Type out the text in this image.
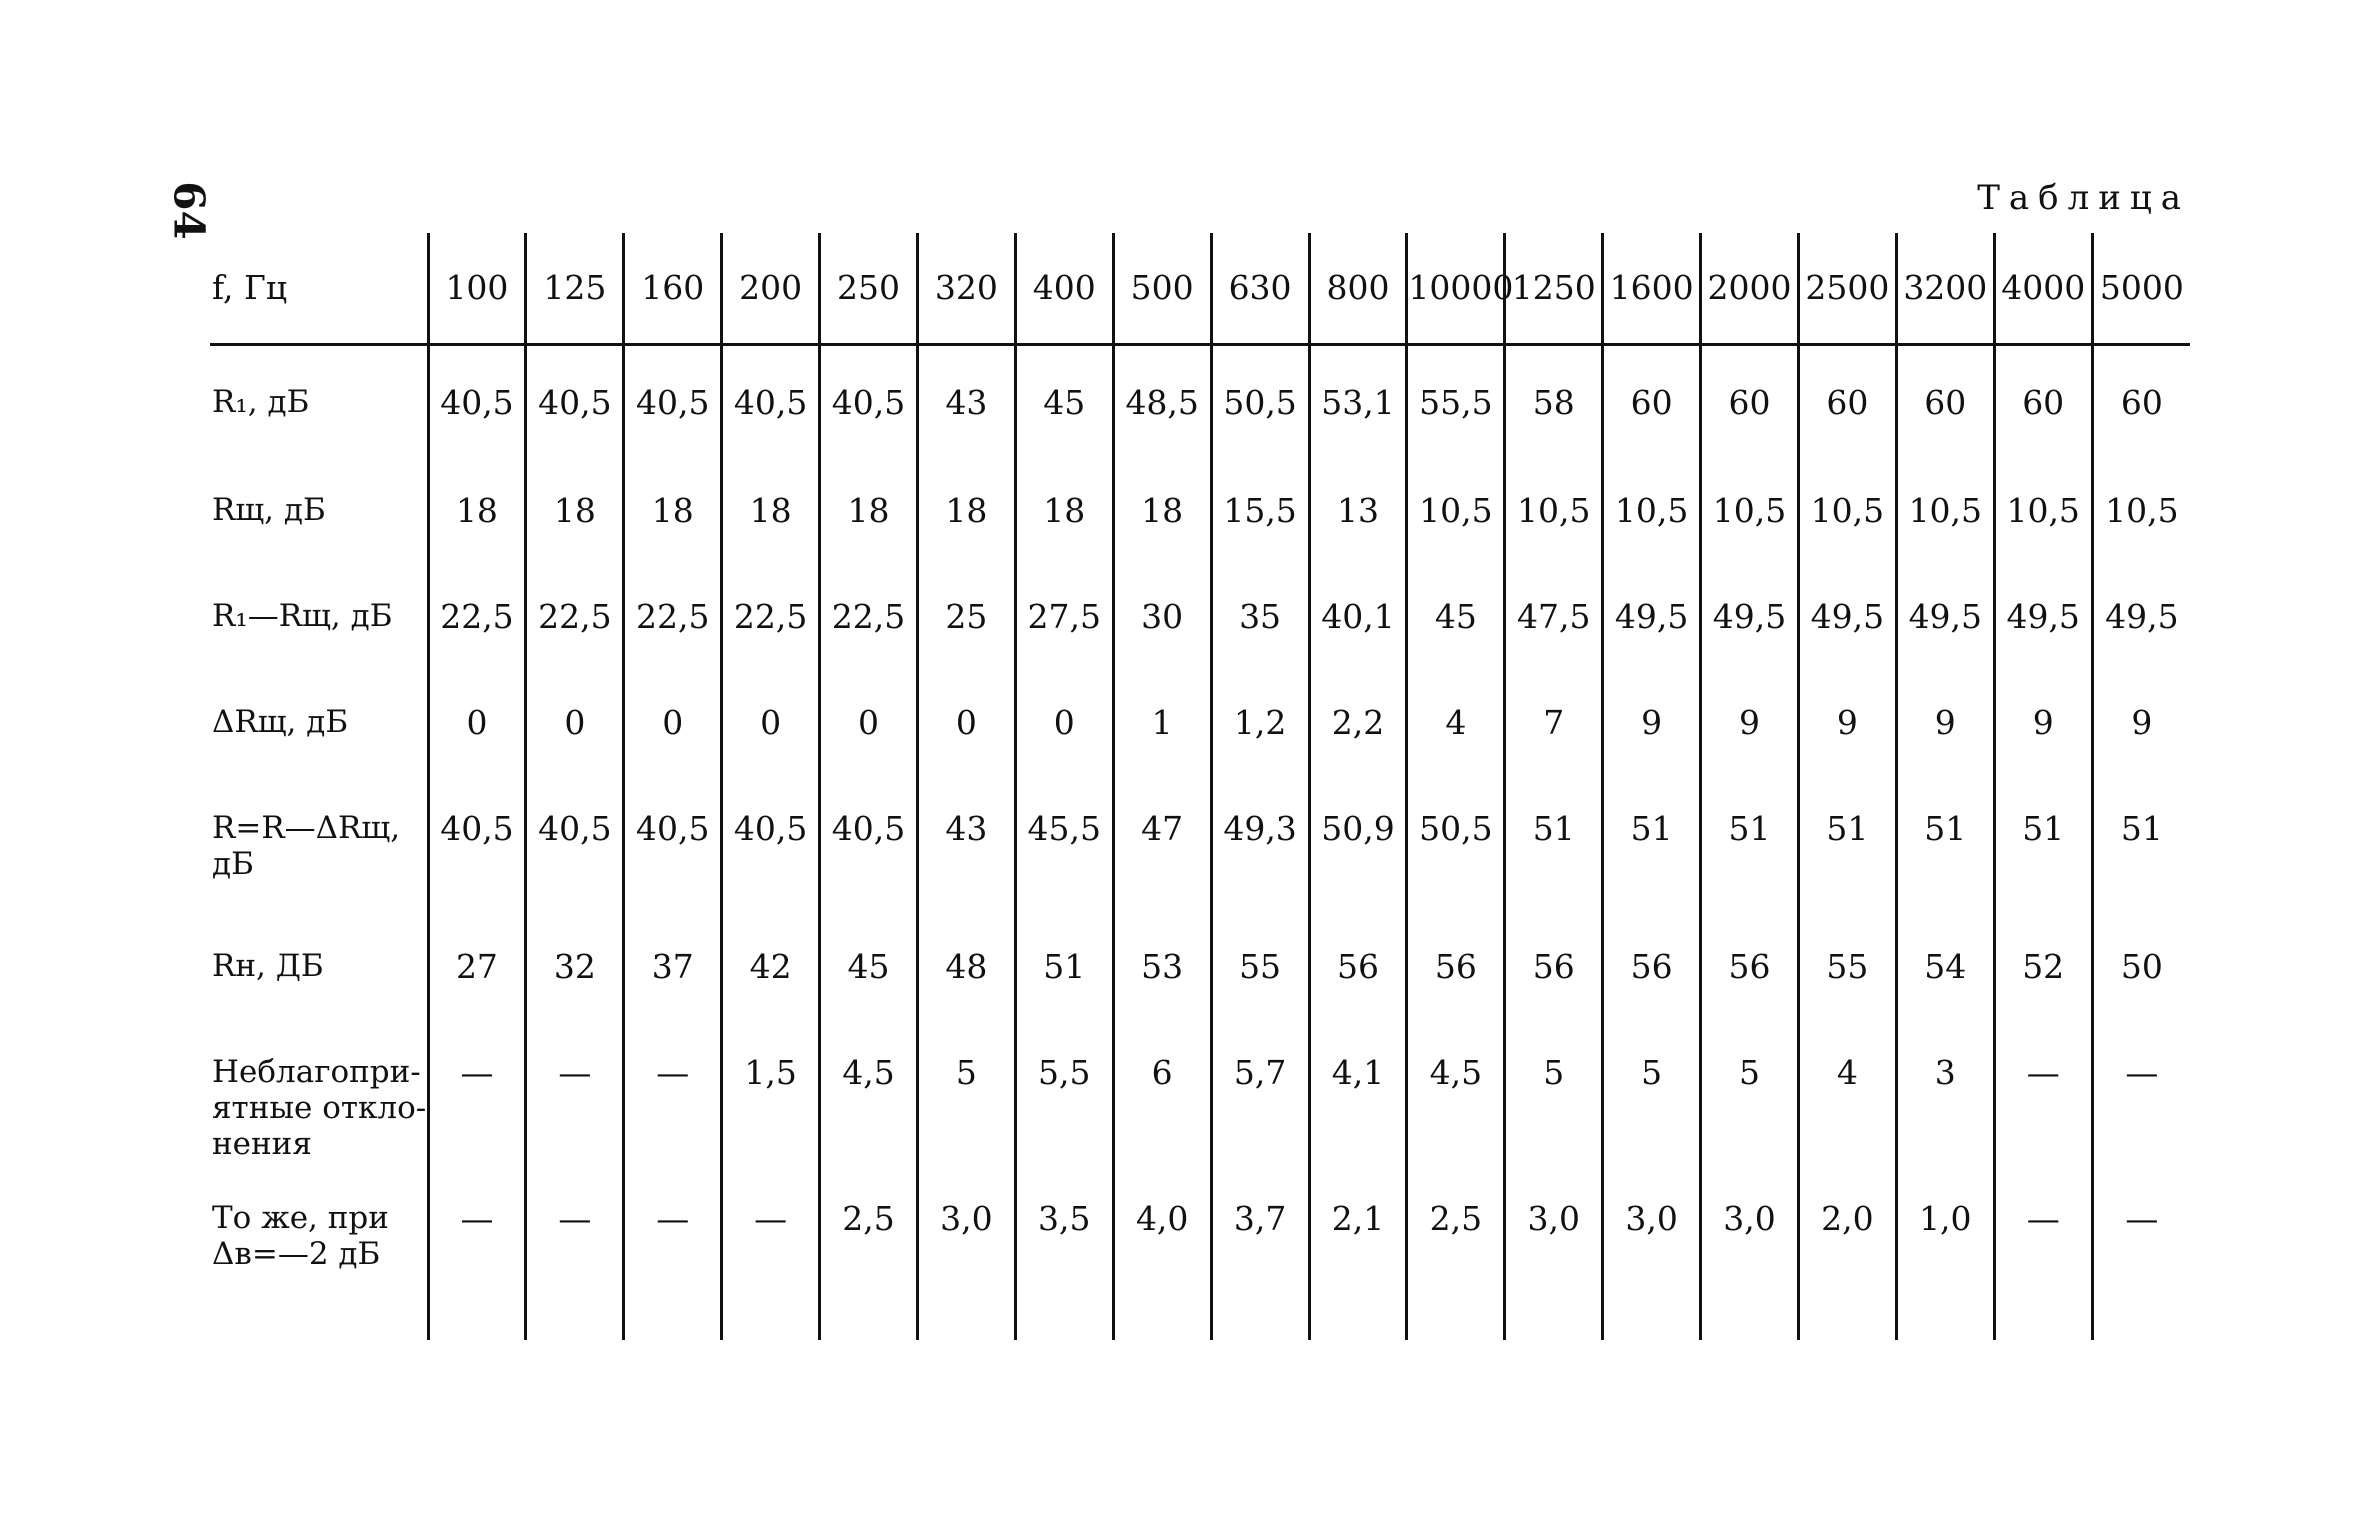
64	Таблица
f, Гц	100	125	160	200	250	320	400	500	630	800	10000	1250	1600	2000	2500	3200	4000	5000
R₁, дБ	40,5	40,5	40,5	40,5	40,5	43	45	48,5	50,5	53,1	55,5	58	60	60	60	60	60	60
Rщ, дБ	18	18	18	18	18	18	18	18	15,5	13	10,5	10,5	10,5	10,5	10,5	10,5	10,5	10,5
R₁—Rщ, дБ	22,5	22,5	22,5	22,5	22,5	25	27,5	30	35	40,1	45	47,5	49,5	49,5	49,5	49,5	49,5	49,5
ΔRщ, дБ	0	0	0	0	0	0	0	1	1,2	2,2	4	7	9	9	9	9	9	9
R=R—ΔRщ, дБ	40,5	40,5	40,5	40,5	40,5	43	45,5	47	49,3	50,9	50,5	51	51	51	51	51	51	51
Rн, ДБ	27	32	37	42	45	48	51	53	55	56	56	56	56	56	55	54	52	50
Неблагопри-ятные откло-нения	—	—	—	1,5	4,5	5	5,5	6	5,7	4,1	4,5	5	5	5	4	3	—	—
То же, при Δв=—2 дБ	—	—	—	—	2,5	3,0	3,5	4,0	3,7	2,1	2,5	3,0	3,0	3,0	2,0	1,0	—	—
